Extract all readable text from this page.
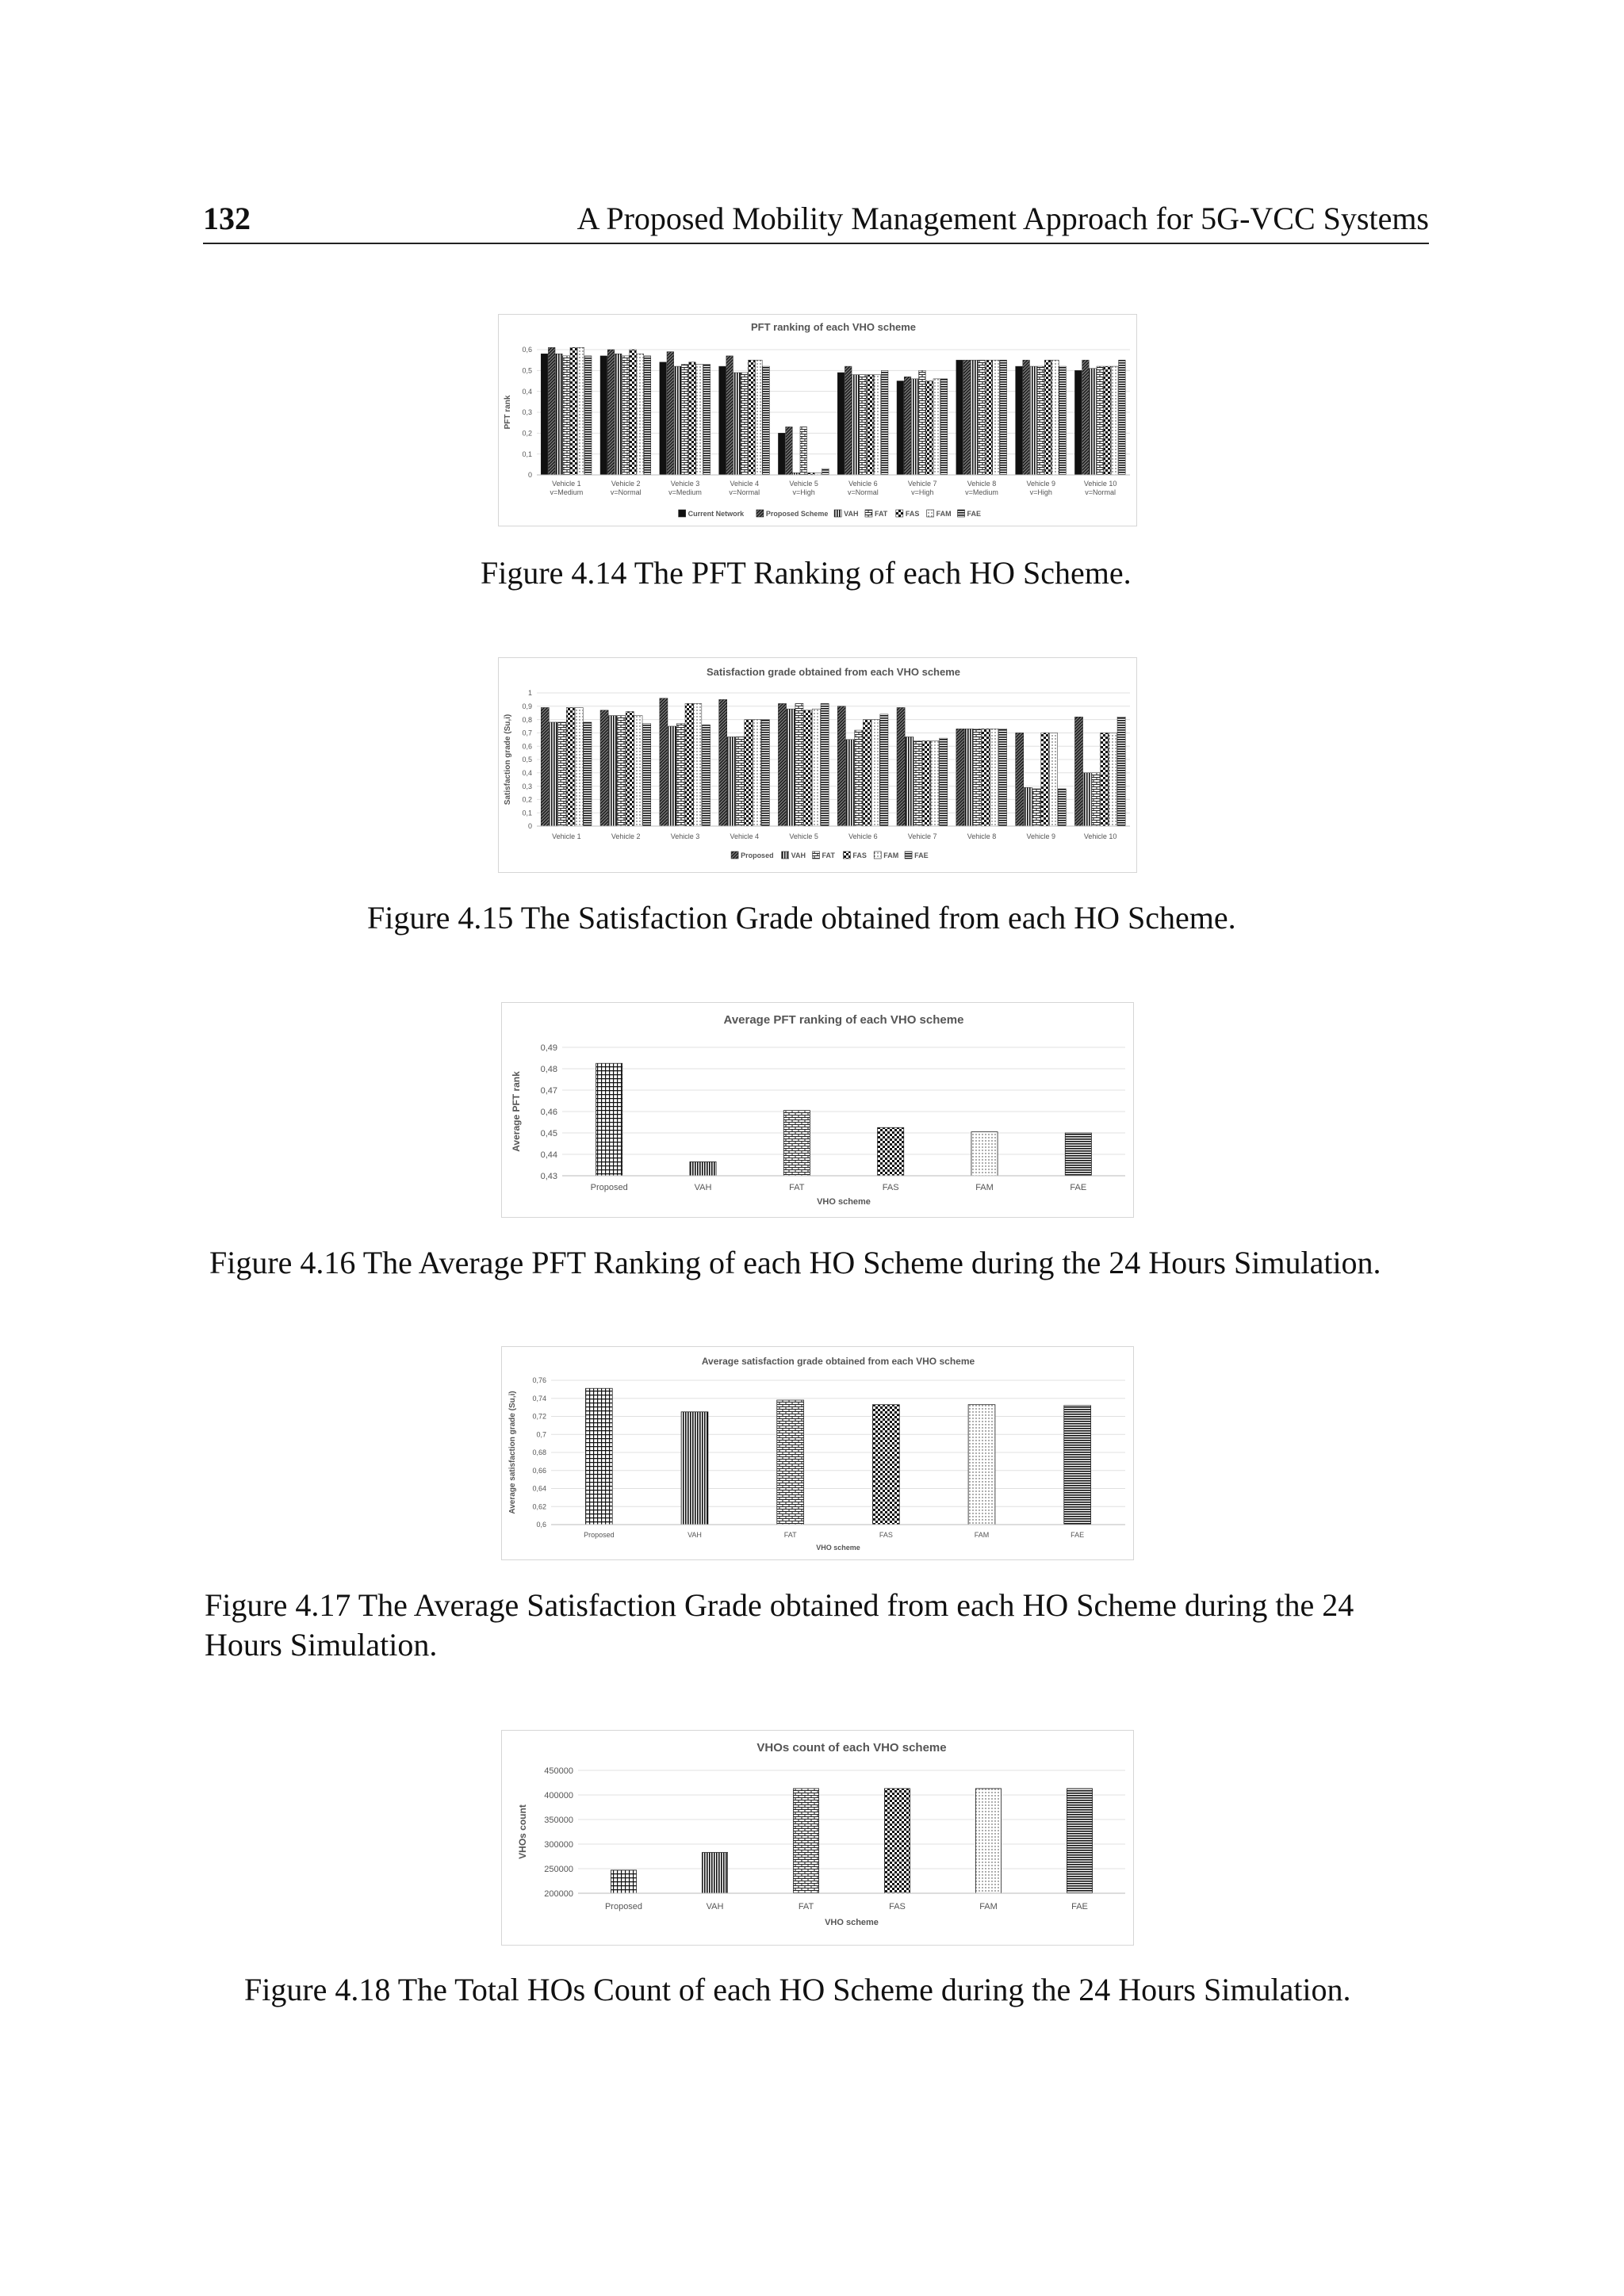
132	A Proposed Mobility Management Approach for 5G-VCC Systems
PFT ranking of each VHO scheme
0
0,1
0,2
0,3
0,4
0,5
0,6
PFT rank
Vehicle 1
v=Medium
Vehicle 2
v=Normal
Vehicle 3
v=Medium
Vehicle 4
v=Normal
Vehicle 5
v=High
Vehicle 6
v=Normal
Vehicle 7
v=High
Vehicle 8
v=Medium
Vehicle 9
v=High
Vehicle 10
v=Normal
Current Network	Proposed Scheme VAH FAT	FAS FAM FAE
Figure 4.14 The PFT Ranking of each HO Scheme.
Satisfaction grade obtained from each VHO scheme
0
0,1
0,2
0,3
0,4
0,5
0,6
0,7
0,8
0,9
1
Satisfaction grade (Su,i)
Vehicle 1	Vehicle 2	Vehicle 3	Vehicle 4	Vehicle 5	Vehicle 6	Vehicle 7	Vehicle 8	Vehicle 9	Vehicle 10
Proposed VAH FAT	FAS FAM FAE
Figure 4.15 The Satisfaction Grade obtained from each HO Scheme.
Average PFT ranking of each VHO scheme
0,43
0,44
0,45
0,46
0,47
0,48
0,49
Average PFT rank
Proposed	VAH	FAT	FAS	FAM	FAE
VHO scheme
Figure 4.16 The Average PFT Ranking of each HO Scheme during the 24 Hours Simulation.
Average satisfaction grade obtained from each VHO scheme
0,6
0,62
0,64
0,66
0,68
0,7
0,72
0,74
0,76
Average satisfaction grade (Su,i)
Proposed	VAH	FAT	FAS	FAM	FAE
VHO scheme
Figure 4.17 The Average Satisfaction Grade obtained from each HO Scheme during the 24 Hours Simulation.
VHOs count of each VHO scheme
200000
250000
300000
350000
400000
450000
VHOs count
Proposed	VAH	FAT	FAS	FAM	FAE
VHO scheme
Figure 4.18 The Total HOs Count of each HO Scheme during the 24 Hours Simulation.
